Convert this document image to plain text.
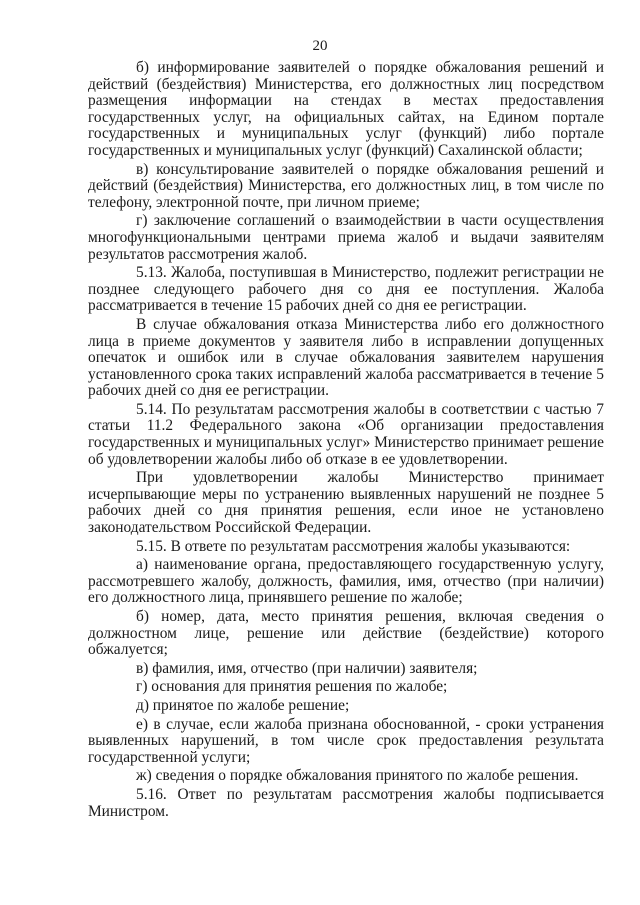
20

б) информирование заявителей о порядке обжалования решений и действий (бездействия) Министерства, его должностных лиц посредством размещения информации на стендах в местах предоставления государственных услуг, на официальных сайтах, на Едином портале государственных и муниципальных услуг (функций) либо портале государственных и муниципальных услуг (функций) Сахалинской области;

в) консультирование заявителей о порядке обжалования решений и действий (бездействия) Министерства, его должностных лиц, в том числе по телефону, электронной почте, при личном приеме;

г) заключение соглашений о взаимодействии в части осуществления многофункциональными центрами приема жалоб и выдачи заявителям результатов рассмотрения жалоб.

5.13. Жалоба, поступившая в Министерство, подлежит регистрации не позднее следующего рабочего дня со дня ее поступления. Жалоба рассматривается в течение 15 рабочих дней со дня ее регистрации.

В случае обжалования отказа Министерства либо его должностного лица в приеме документов у заявителя либо в исправлении допущенных опечаток и ошибок или в случае обжалования заявителем нарушения установленного срока таких исправлений жалоба рассматривается в течение 5 рабочих дней со дня ее регистрации.

5.14. По результатам рассмотрения жалобы в соответствии с частью 7 статьи 11.2 Федерального закона «Об организации предоставления государственных и муниципальных услуг» Министерство принимает решение об удовлетворении жалобы либо об отказе в ее удовлетворении.

При удовлетворении жалобы Министерство принимает исчерпывающие меры по устранению выявленных нарушений не позднее 5 рабочих дней со дня принятия решения, если иное не установлено законодательством Российской Федерации.

5.15. В ответе по результатам рассмотрения жалобы указываются:

а) наименование органа, предоставляющего государственную услугу, рассмотревшего жалобу, должность, фамилия, имя, отчество (при наличии) его должностного лица, принявшего решение по жалобе;

б) номер, дата, место принятия решения, включая сведения о должностном лице, решение или действие (бездействие) которого обжалуется;

в) фамилия, имя, отчество (при наличии) заявителя;

г) основания для принятия решения по жалобе;

д) принятое по жалобе решение;

е) в случае, если жалоба признана обоснованной, - сроки устранения выявленных нарушений, в том числе срок предоставления результата государственной услуги;

ж) сведения о порядке обжалования принятого по жалобе решения.

5.16. Ответ по результатам рассмотрения жалобы подписывается Министром.
